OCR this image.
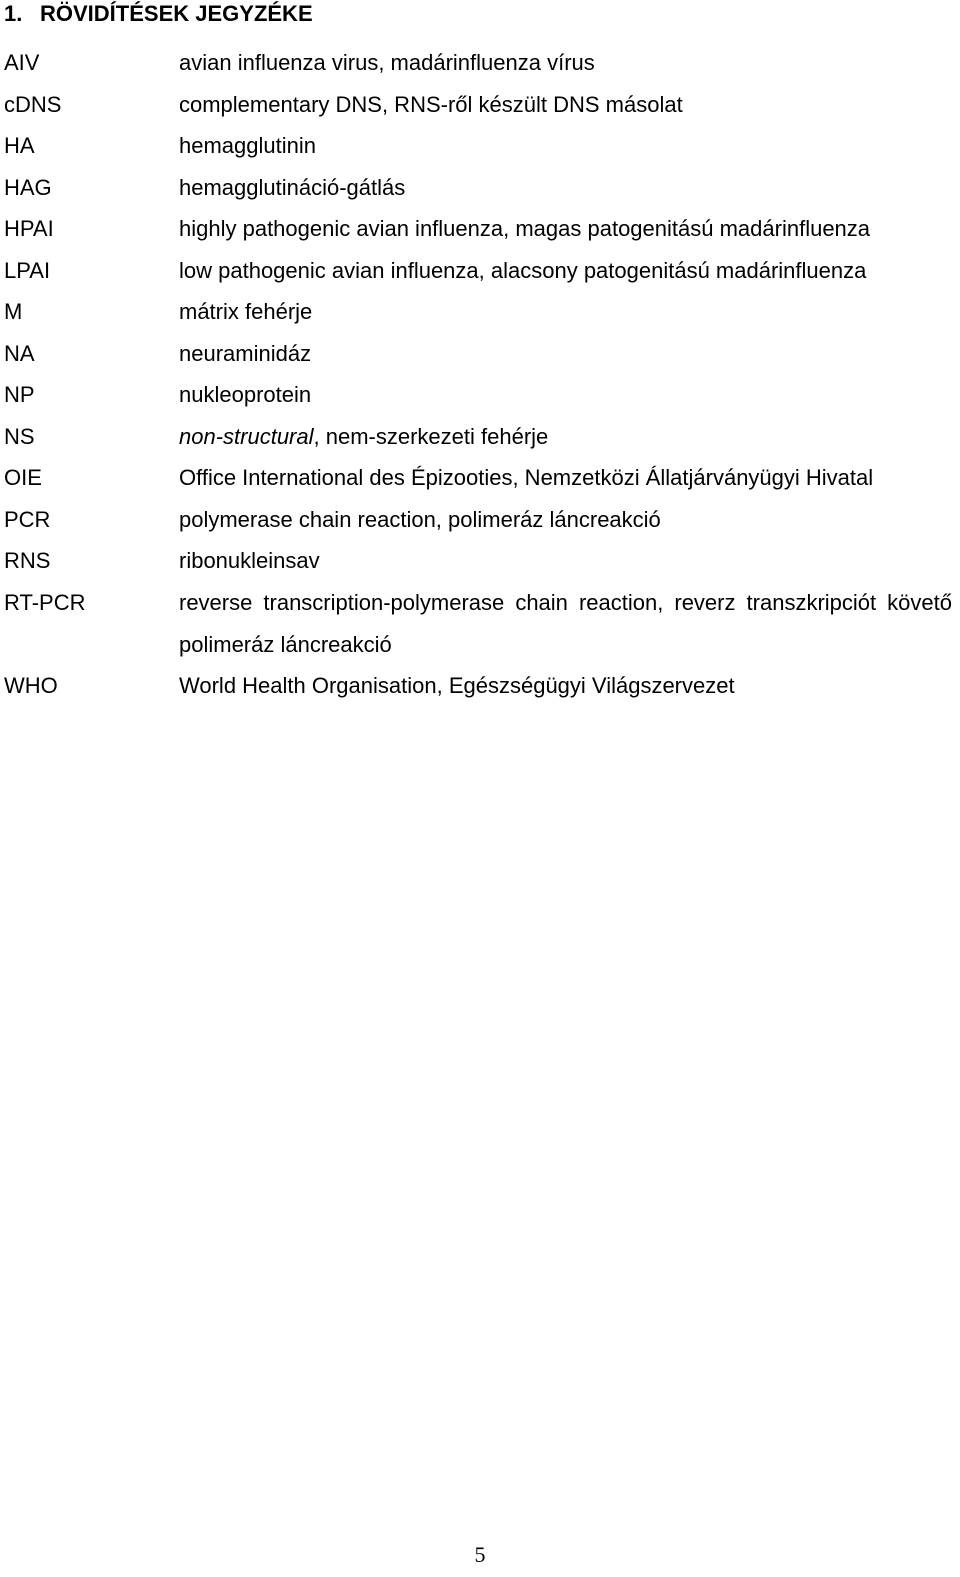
1. RÖVIDÍTÉSEK JEGYZÉKE
AIV	avian influenza virus, madárinfluenza vírus
cDNS	complementary DNS, RNS-ről készült DNS másolat
HA	hemagglutinin
HAG	hemagglutináció-gátlás
HPAI	highly pathogenic avian influenza, magas patogenitású madárinfluenza
LPAI	low pathogenic avian influenza, alacsony patogenitású madárinfluenza
M	mátrix fehérje
NA	neuraminidáz
NP	nukleoprotein
NS	non-structural, nem-szerkezeti fehérje
OIE	Office International des Épizooties, Nemzetközi Állatjárványügyi Hivatal
PCR	polymerase chain reaction, polimeráz láncreakció
RNS	ribonukleinsav
RT-PCR	reverse transcription-polymerase chain reaction, reverz transzkripciót követő polimeráz láncreakció
WHO	World Health Organisation, Egészségügyi Világszervezet
5
